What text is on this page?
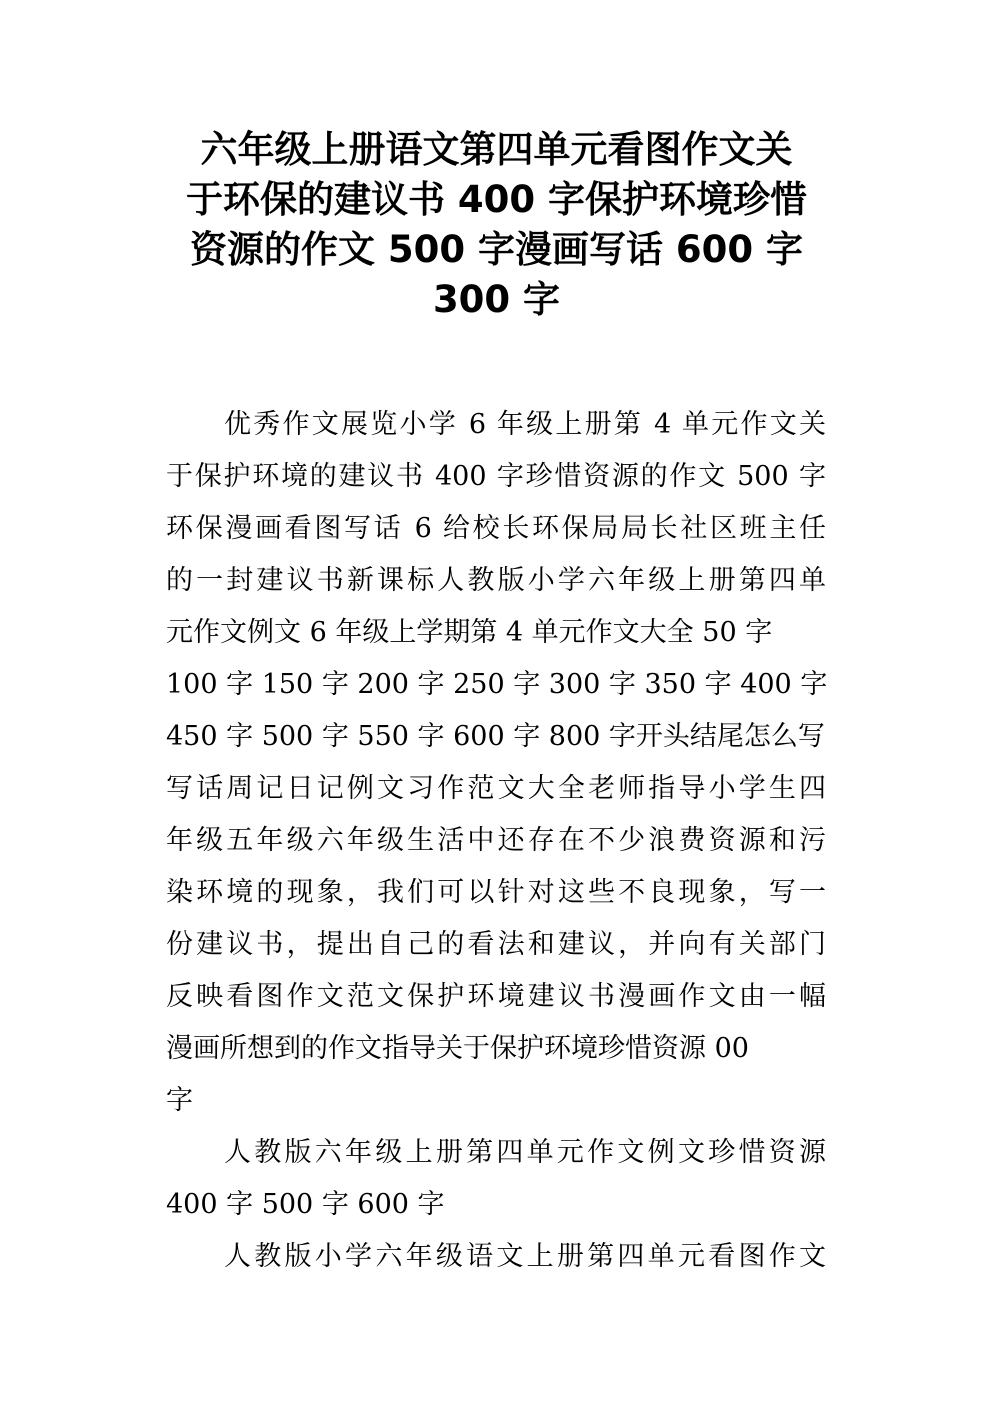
六年级上册语文第四单元看图作文关
于环保的建议书 400 字保护环境珍惜
资源的作文 500 字漫画写话 600 字
300 字
优秀作文展览小学 6 年级上册第 4 单元作文关
于保护环境的建议书 400 字珍惜资源的作文 500 字
环保漫画看图写话 6 给校长环保局局长社区班主任
的一封建议书新课标人教版小学六年级上册第四单
元作文例文 6 年级上学期第 4 单元作文大全 50 字
100 字 150 字 200 字 250 字 300 字 350 字 400 字
450 字 500 字 550 字 600 字 800 字开头结尾怎么写
写话周记日记例文习作范文大全老师指导小学生四
年级五年级六年级生活中还存在不少浪费资源和污
染环境的现象，我们可以针对这些不良现象，写一
份建议书，提出自己的看法和建议，并向有关部门
反映看图作文范文保护环境建议书漫画作文由一幅
漫画所想到的作文指导关于保护环境珍惜资源 00
字
人教版六年级上册第四单元作文例文珍惜资源
400 字 500 字 600 字
人教版小学六年级语文上册第四单元看图作文
